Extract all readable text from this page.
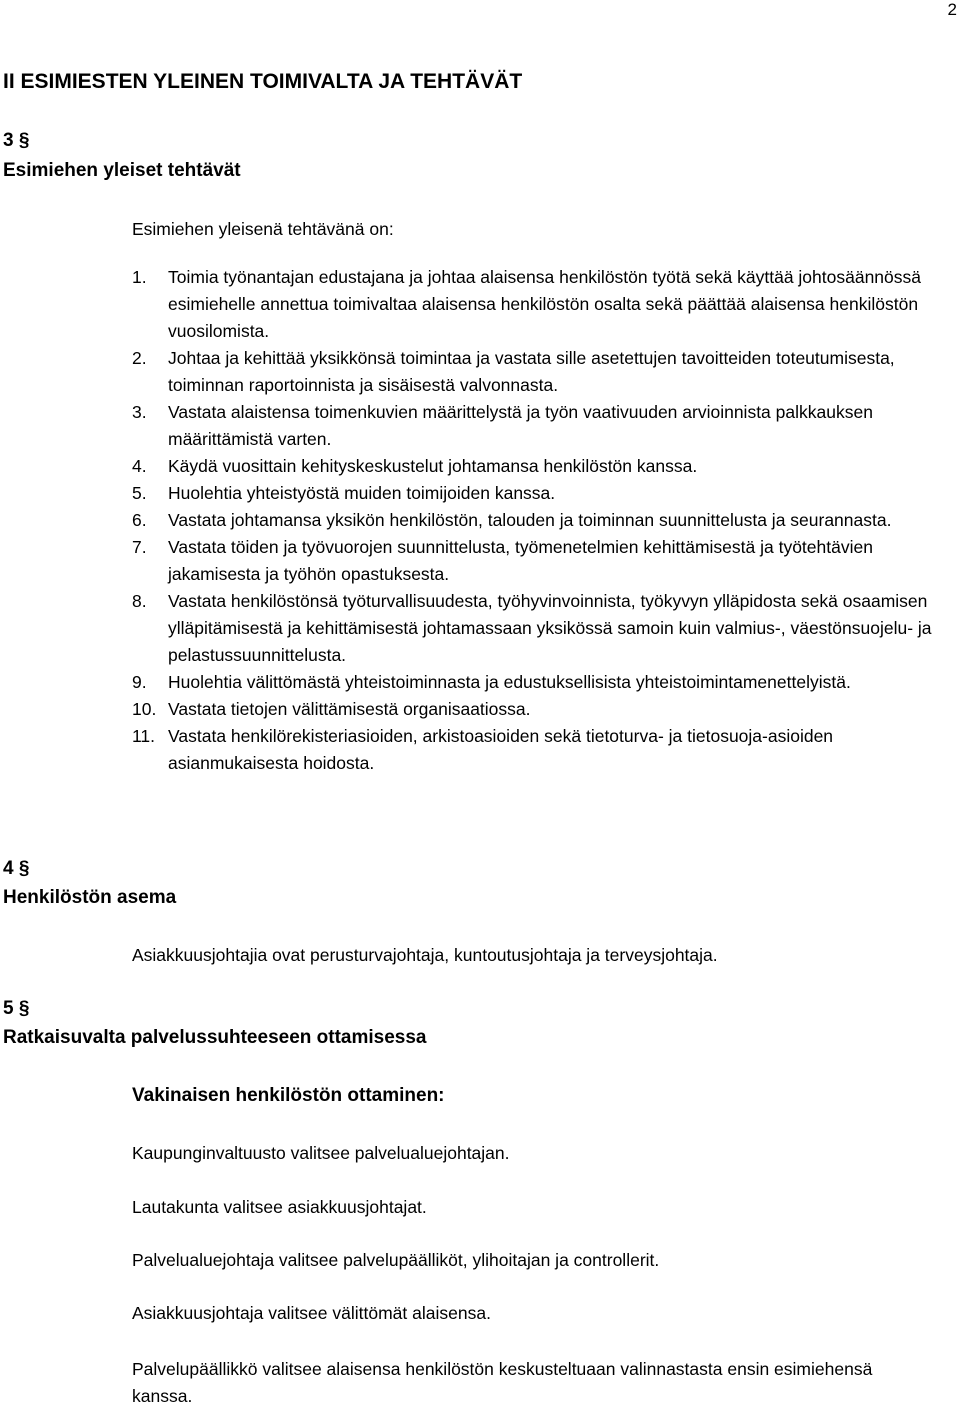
2
II ESIMIESTEN YLEINEN TOIMIVALTA JA TEHTÄVÄT
3 §
Esimiehen yleiset tehtävät
Esimiehen yleisenä tehtävänä on:
1. Toimia työnantajan edustajana ja johtaa alaisensa henkilöstön työtä sekä käyttää johtosäännössä esimiehelle annettua toimivaltaa alaisensa henkilöstön osalta sekä päättää alaisensa henkilöstön vuosilomista.
2. Johtaa ja kehittää yksikkönsä toimintaa ja vastata sille asetettujen tavoitteiden toteutumisesta, toiminnan raportoinnista ja sisäisestä valvonnasta.
3. Vastata alaistensa toimenkuvien määrittelystä ja työn vaativuuden arvioinnista palkkauksen määrittämistä varten.
4. Käydä vuosittain kehityskeskustelut johtamansa henkilöstön kanssa.
5. Huolehtia yhteistyöstä muiden toimijoiden kanssa.
6. Vastata johtamansa yksikön henkilöstön, talouden ja toiminnan suunnittelusta ja seurannasta.
7. Vastata töiden ja työvuorojen suunnittelusta, työmenetelmien kehittämisestä ja työtehtävien jakamisesta ja työhön opastuksesta.
8. Vastata henkilöstönsä työturvallisuudesta, työhyvinvoinnista, työkyvyn ylläpidosta sekä osaamisen ylläpitämisestä ja kehittämisestä johtamassaan yksikössä samoin kuin valmius-, väestönsuojelu- ja pelastussuunnittelusta.
9. Huolehtia välittömästä yhteistoiminnasta ja edustuksellisista yhteistoimintamenettelyistä.
10. Vastata tietojen välittämisestä organisaatiossa.
11. Vastata henkilörekisteriasioiden, arkistoasioiden sekä tietoturva- ja tietosuoja-asioiden asianmukaisesta hoidosta.
4 §
Henkilöstön asema
Asiakkuusjohtajia ovat perusturvajohtaja, kuntoutusjohtaja ja terveysjohtaja.
5 §
Ratkaisuvalta palvelussuhteeseen ottamisessa
Vakinaisen henkilöstön ottaminen:
Kaupunginvaltuusto valitsee palvelualuejohtajan.
Lautakunta valitsee asiakkuusjohtajat.
Palvelualuejohtaja valitsee palvelupäälliköt, ylihoitajan ja controllerit.
Asiakkuusjohtaja valitsee välittömät alaisensa.
Palvelupäällikkö valitsee alaisensa henkilöstön keskusteltuaan valinnastasta ensin esimiehensä kanssa.
